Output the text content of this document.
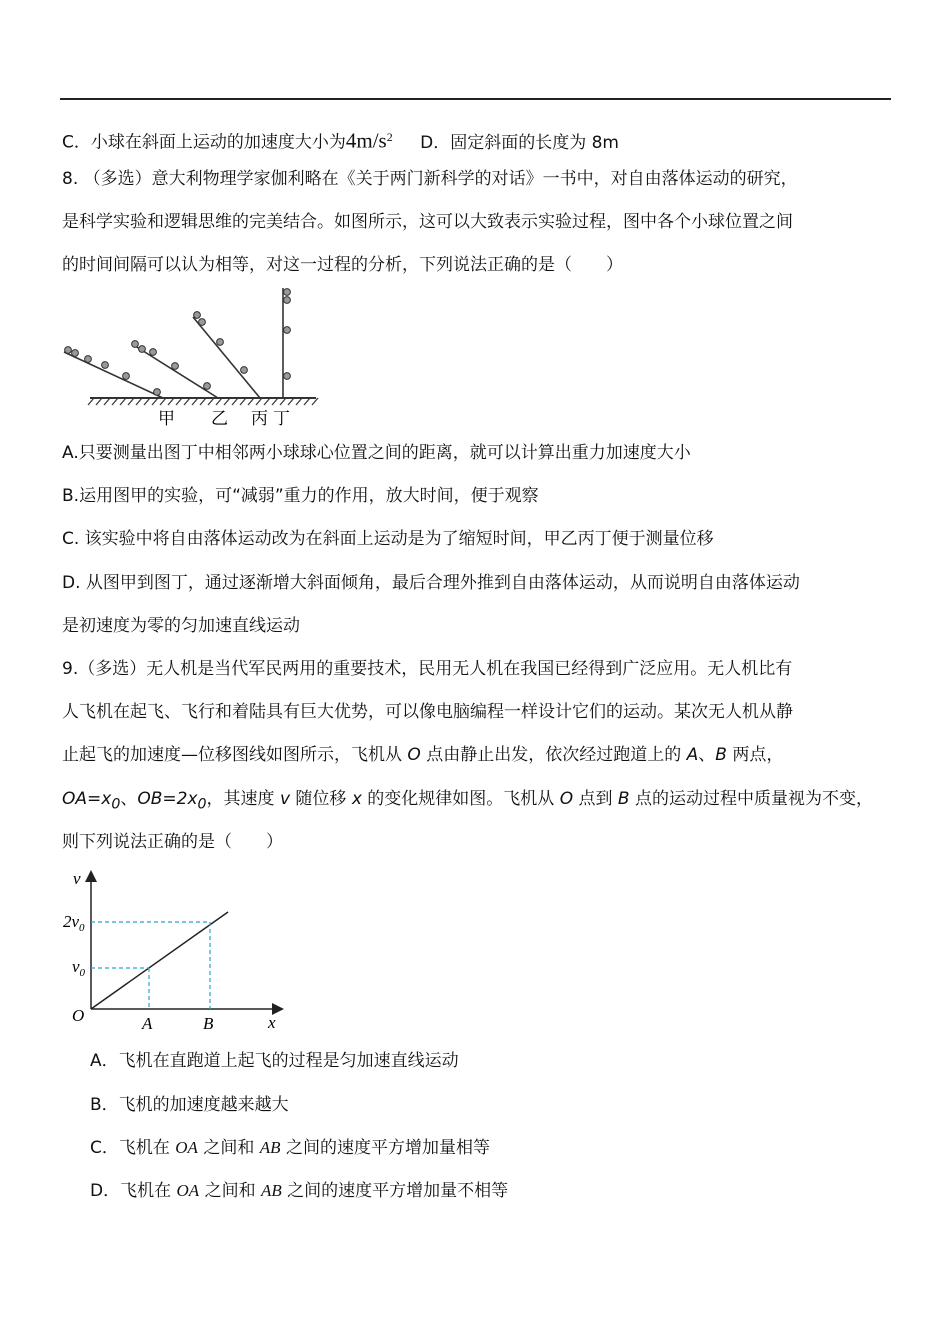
C．小球在斜面上运动的加速度大小为$4m/s^2$ D．固定斜面的长度为 8m
8. （多选）意大利物理学家伽利略在《关于两门新科学的对话》一书中，对自由落体运动的研究，
是科学实验和逻辑思维的完美结合。如图所示，这可以大致表示实验过程，图中各个小球位置之间
的时间间隔可以认为相等，对这一过程的分析，下列说法正确的是（　　）
甲 乙 丙 丁
A.只要测量出图丁中相邻两小球球心位置之间的距离，就可以计算出重力加速度大小
B.运用图甲的实验，可“减弱”重力的作用，放大时间，便于观察
C. 该实验中将自由落体运动改为在斜面上运动是为了缩短时间，甲乙丙丁便于测量位移
D. 从图甲到图丁，通过逐渐增大斜面倾角，最后合理外推到自由落体运动，从而说明自由落体运动
是初速度为零的匀加速直线运动
9.（多选）无人机是当代军民两用的重要技术，民用无人机在我国已经得到广泛应用。无人机比有
人飞机在起飞、飞行和着陆具有巨大优势，可以像电脑编程一样设计它们的运动。某次无人机从静
止起飞的加速度—位移图线如图所示，飞机从 O 点由静止出发，依次经过跑道上的 A、B 两点，
$OA=x_0$、$OB=2x_0$，其速度 v 随位移 x 的变化规律如图。飞机从 O 点到 B 点的运动过程中质量视为不变，
则下列说法正确的是（　　）
v
x
O
$2v_0$
$v_0$
A	B
A．飞机在直跑道上起飞的过程是匀加速直线运动
B．飞机的加速度越来越大
C．飞机在 OA 之间和 AB 之间的速度平方增加量相等
D．飞机在 OA 之间和 AB 之间的速度平方增加量不相等
